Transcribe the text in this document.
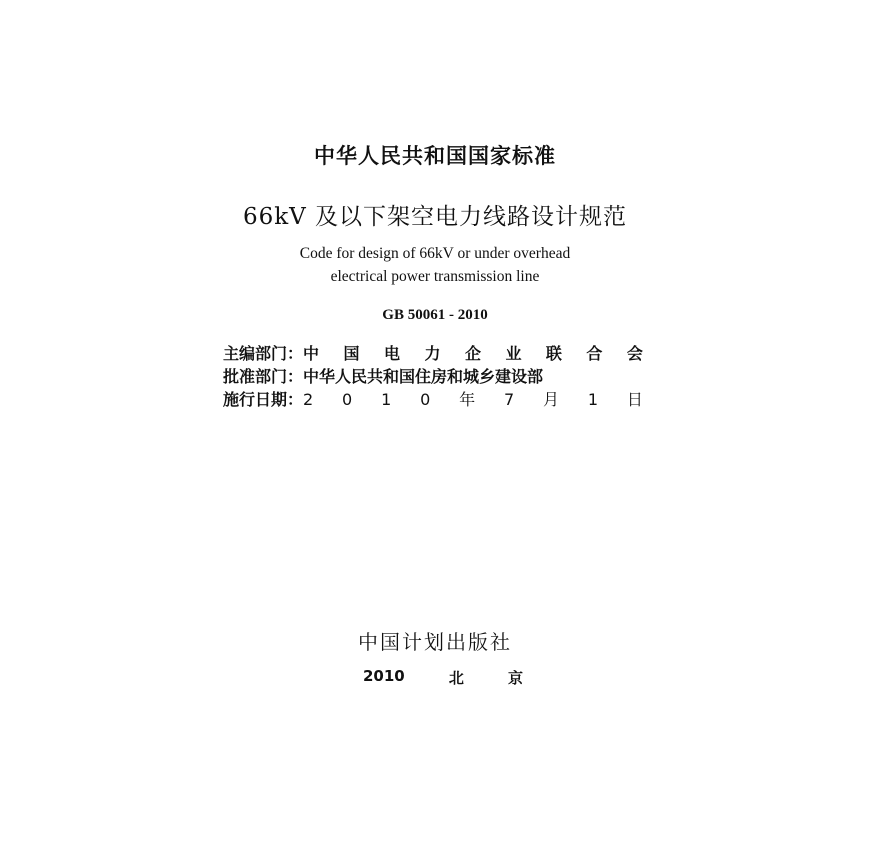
中华人民共和国国家标准
66kV 及以下架空电力线路设计规范
Code for design of 66kV or under overhead
electrical power transmission line
GB 50061 - 2010
主编部门： 中 国 电 力 企 业 联 合 会
批准部门： 中华人民共和国住房和城乡建设部
施行日期： 2 0 1 0 年 7 月 1 日
中国计划出版社
2010	北	京
